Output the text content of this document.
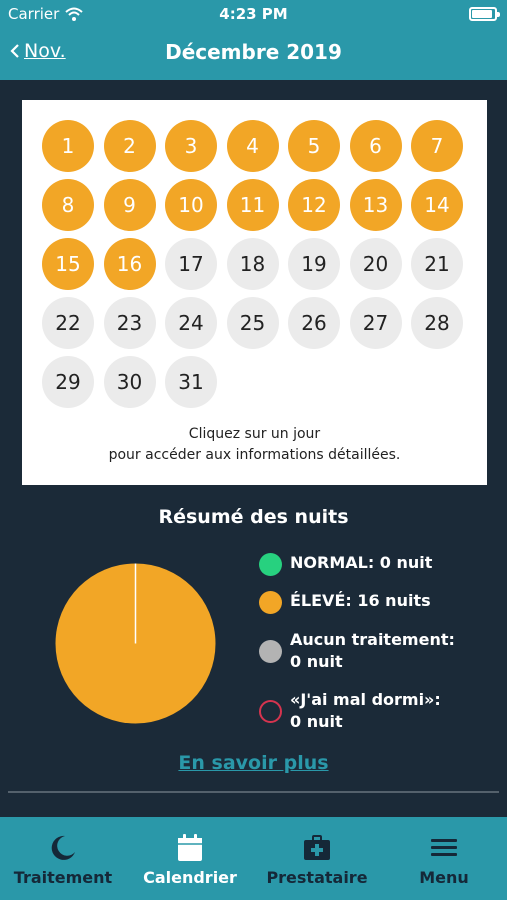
Carrier	4:23 PM
Nov.	Décembre 2019
1	2	3	4	5	6	7
8	9	10	11	12	13	14
15	16	17	18	19	20	21
22	23	24	25	26	27	28
29	30	31
Cliquez sur un jour
pour accéder aux informations détaillées.
Résumé des nuits
NORMAL: 0 nuit
ÉLEVÉ: 16 nuits
Aucun traitement:
0 nuit
«J'ai mal dormi»:
0 nuit
En savoir plus
Traitement	Calendrier	Prestataire	Menu
